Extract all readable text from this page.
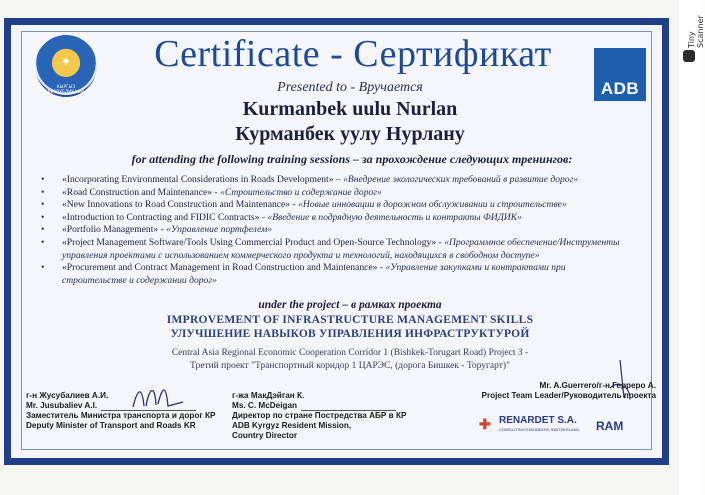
✦
КЫРГЫЗ РЕСПУБЛИКАСЫ	ADB
Certificate - Сертификат
Presented to - Вручается
Kurmanbek uulu Nurlan
Курманбек уулу Нурлану
for attending the following training sessions – за прохождение следующих тренингов:
• «Incorporating Environmental Considerations in Roads Development» – «Внедрение экологических требований в развитие дорог»
• «Road Construction and Maintenance» - «Строительство и содержание дорог»
• «New Innovations to Road Construction and Maintenance» - «Новые инновации в дорожном обслуживании и строительстве»
• «Introduction to Contracting and FIDIC Contracts» - «Введение в подрядную деятельность и контракты ФИДИК»
• «Portfolio Management» - «Управление портфелем»
• «Project Management Software/Tools Using Commercial Product and Open-Source Technology» - «Программное обеспечение/Инструменты управления проектами с использованием коммерческого продукта и технологий, находящихся в свободном доступе»
• «Procurement and Contract Management in Road Construction and Maintenance» - «Управление закупками и контрактами при строительстве и содержании дорог»
under the project – в рамках проекта
IMPROVEMENT OF INFRASTRUCTURE MANAGEMENT SKILLS
УЛУЧШЕНИЕ НАВЫКОВ УПРАВЛЕНИЯ ИНФРАСТРУКТУРОЙ
Central Asia Regional Economic Cooperation Corridor 1 (Bishkek-Torugart Road) Project 3 -
Третий проект "Транспортный коридор 1 ЦАРЭС, (дорога Бишкек - Торугарт)"
г-н Жусубалиев А.И.
Mr. Jusubaliev A.I.
Заместитель Министра транспорта и дорог КР
Deputy Minister of Transport and Roads KR
г-жа МакДэйган К.
Ms. C. McDeigan
Директор по стране Постредства АБР в КР
ADB Kyrgyz Resident Mission,
Country Director
Mr. A.Guerrero/г-н Герреро А.
Project Team Leader/Руководитель проекта
✚ RENARDET S.A.
CONSULTING ENGINEERS SWITZERLAND RAM
Tiny Scanner
